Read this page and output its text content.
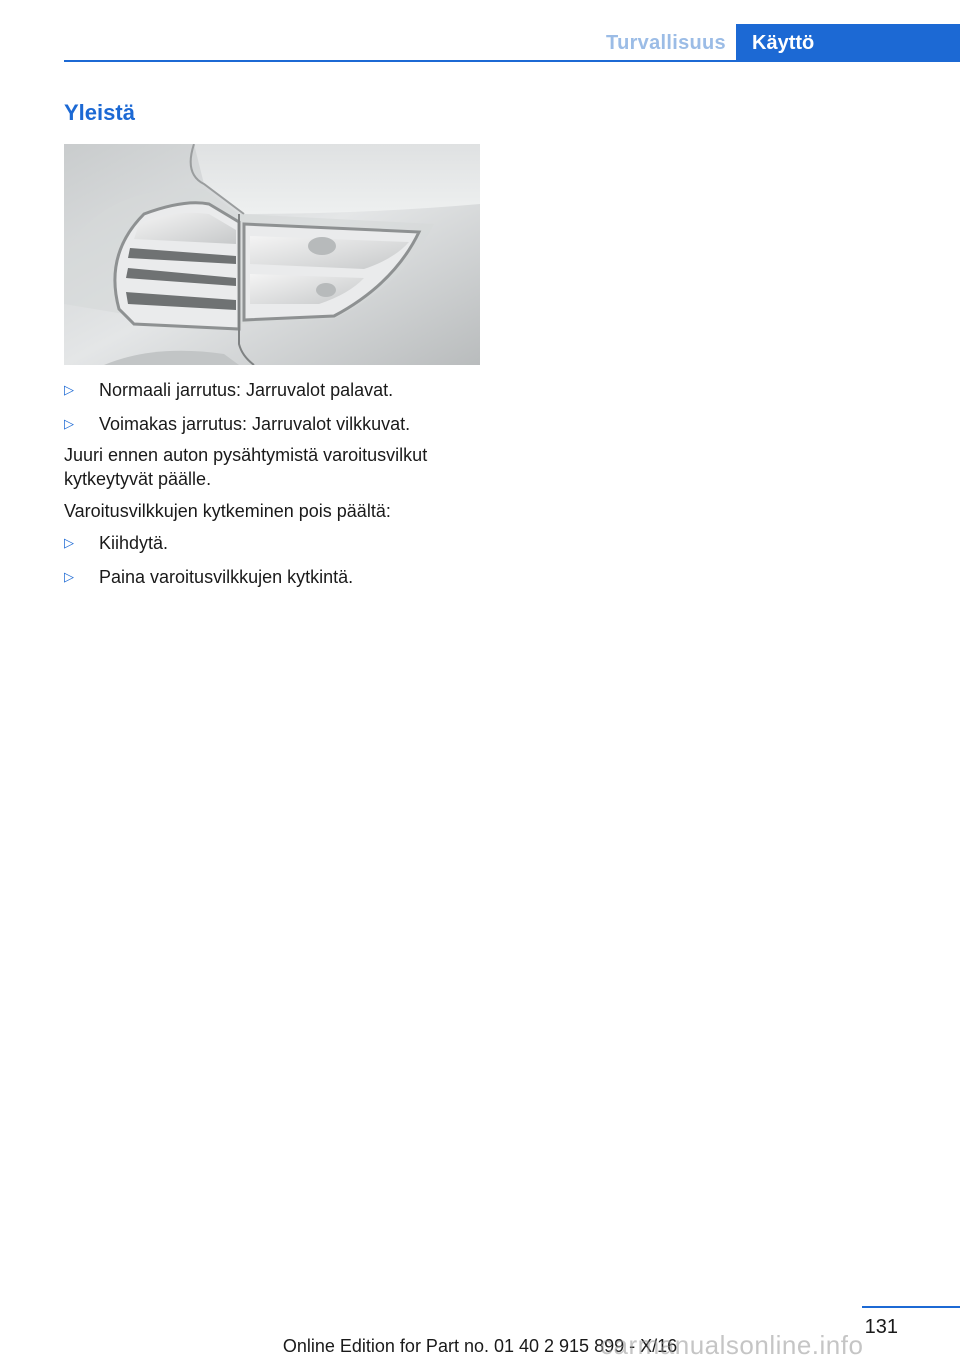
Turvallisuus	Käyttö
Yleistä
▷	Normaali jarrutus: Jarruvalot palavat.
▷	Voimakas jarrutus: Jarruvalot vilkkuvat.

Juuri ennen auton pysähtymistä varoitusvilkut kytkeytyvät päälle.

Varoitusvilkkujen kytkeminen pois päältä:

▷	Kiihdytä.
▷	Paina varoitusvilkkujen kytkintä.
131
Online Edition for Part no. 01 40 2 915 899 - X/16
carmanualsonline.info
